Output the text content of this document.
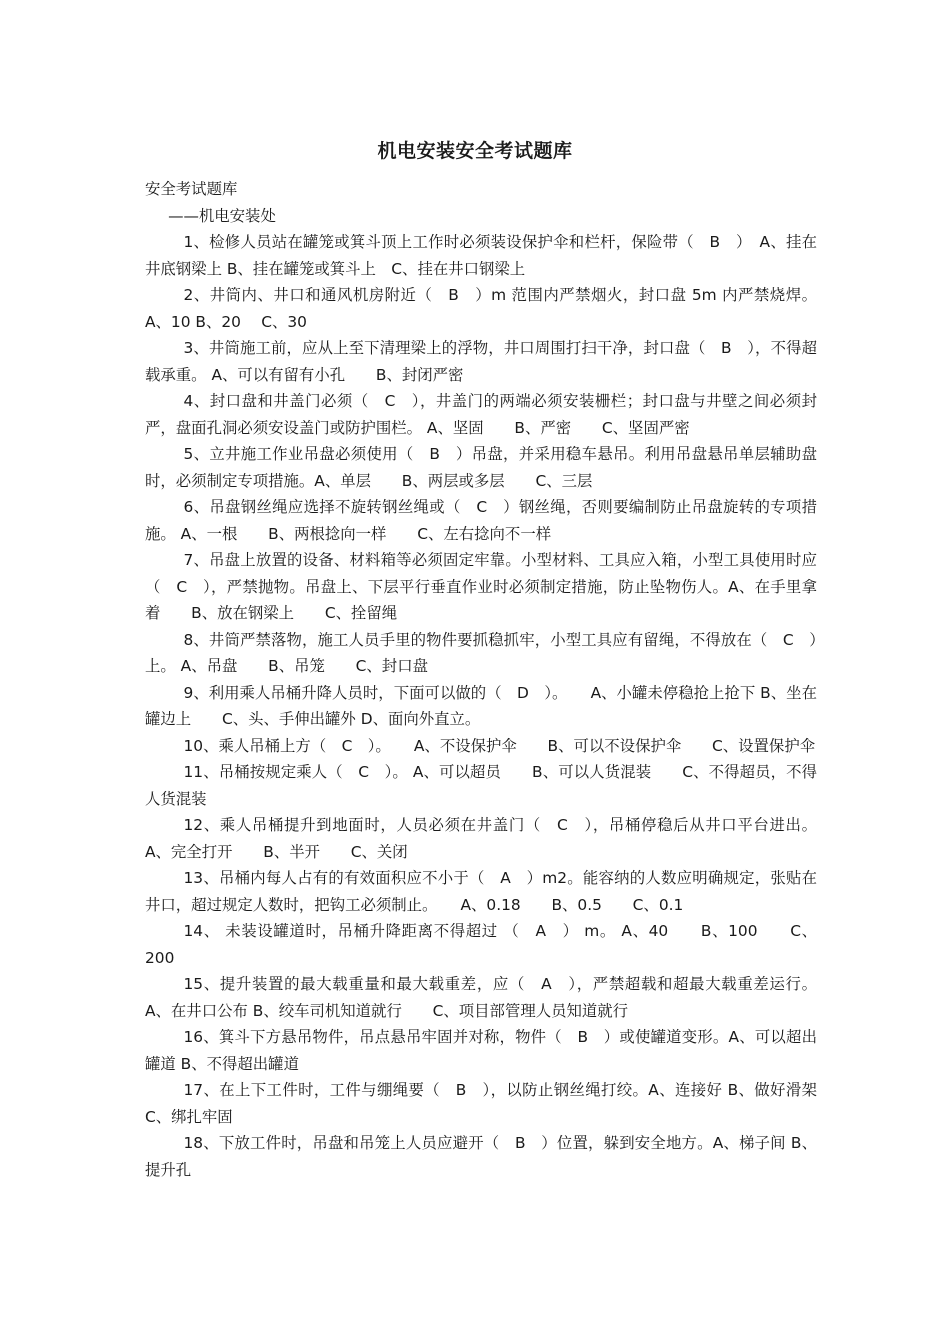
机电安装安全考试题库

安全考试题库

——机电安装处

1、检修人员站在罐笼或箕斗顶上工作时必须装设保护伞和栏杆，保险带（　B　）　A、挂在井底钢梁上 B、挂在罐笼或箕斗上　C、挂在井口钢梁上

2、井筒内、井口和通风机房附近（　B　）m 范围内严禁烟火，封口盘 5m 内严禁烧焊。 A、10 B、20　 C、30

3、井筒施工前，应从上至下清理梁上的浮物，井口周围打扫干净，封口盘（　B　），不得超载承重。 A、可以有留有小孔　　B、封闭严密

4、封口盘和井盖门必须（　C　），井盖门的两端必须安装栅栏；封口盘与井壁之间必须封严，盘面孔洞必须安设盖门或防护围栏。 A、坚固　　B、严密　　C、坚固严密

5、立井施工作业吊盘必须使用（　B　）吊盘，并采用稳车悬吊。利用吊盘悬吊单层辅助盘时，必须制定专项措施。A、单层　　B、两层或多层　　C、三层

6、吊盘钢丝绳应选择不旋转钢丝绳或（　C　）钢丝绳，否则要编制防止吊盘旋转的专项措施。 A、一根　　B、两根捻向一样　　C、左右捻向不一样

7、吊盘上放置的设备、材料箱等必须固定牢靠。小型材料、工具应入箱，小型工具使用时应（　C　），严禁抛物。吊盘上、下层平行垂直作业时必须制定措施，防止坠物伤人。A、在手里拿着　　B、放在钢梁上　　C、拴留绳

8、井筒严禁落物，施工人员手里的物件要抓稳抓牢，小型工具应有留绳，不得放在（　C　）上。 A、吊盘　　B、吊笼　　C、封口盘

9、利用乘人吊桶升降人员时，下面可以做的（　D　）。　　A、小罐未停稳抢上抢下 B、坐在罐边上　　C、头、手伸出罐外 D、面向外直立。

10、乘人吊桶上方（　C　）。　　A、不设保护伞　　B、可以不设保护伞　　C、设置保护伞

11、吊桶按规定乘人（　C　）。 A、可以超员　　B、可以人货混装　　C、不得超员，不得人货混装

12、乘人吊桶提升到地面时，人员必须在井盖门（　C　），吊桶停稳后从井口平台进出。 A、完全打开　　B、半开　　C、关闭

13、吊桶内每人占有的有效面积应不小于（　A　）m2。能容纳的人数应明确规定，张贴在井口，超过规定人数时，把钩工必须制止。　　A、0.18　　B、0.5　　C、0.1

14、 未装设罐道时，吊桶升降距离不得超过 （　A　） m。 A、40　　B、100　　C、200

15、提升装置的最大载重量和最大载重差，应（　A　），严禁超载和超最大载重差运行。 A、在井口公布 B、绞车司机知道就行　　C、项目部管理人员知道就行

16、箕斗下方悬吊物件，吊点悬吊牢固并对称，物件（　B　）或使罐道变形。A、可以超出罐道 B、不得超出罐道

17、在上下工件时，工件与绷绳要（　B　），以防止钢丝绳打绞。A、连接好 B、做好滑架　　C、绑扎牢固

18、下放工件时，吊盘和吊笼上人员应避开（　B　）位置，躲到安全地方。A、梯子间 B、提升孔
